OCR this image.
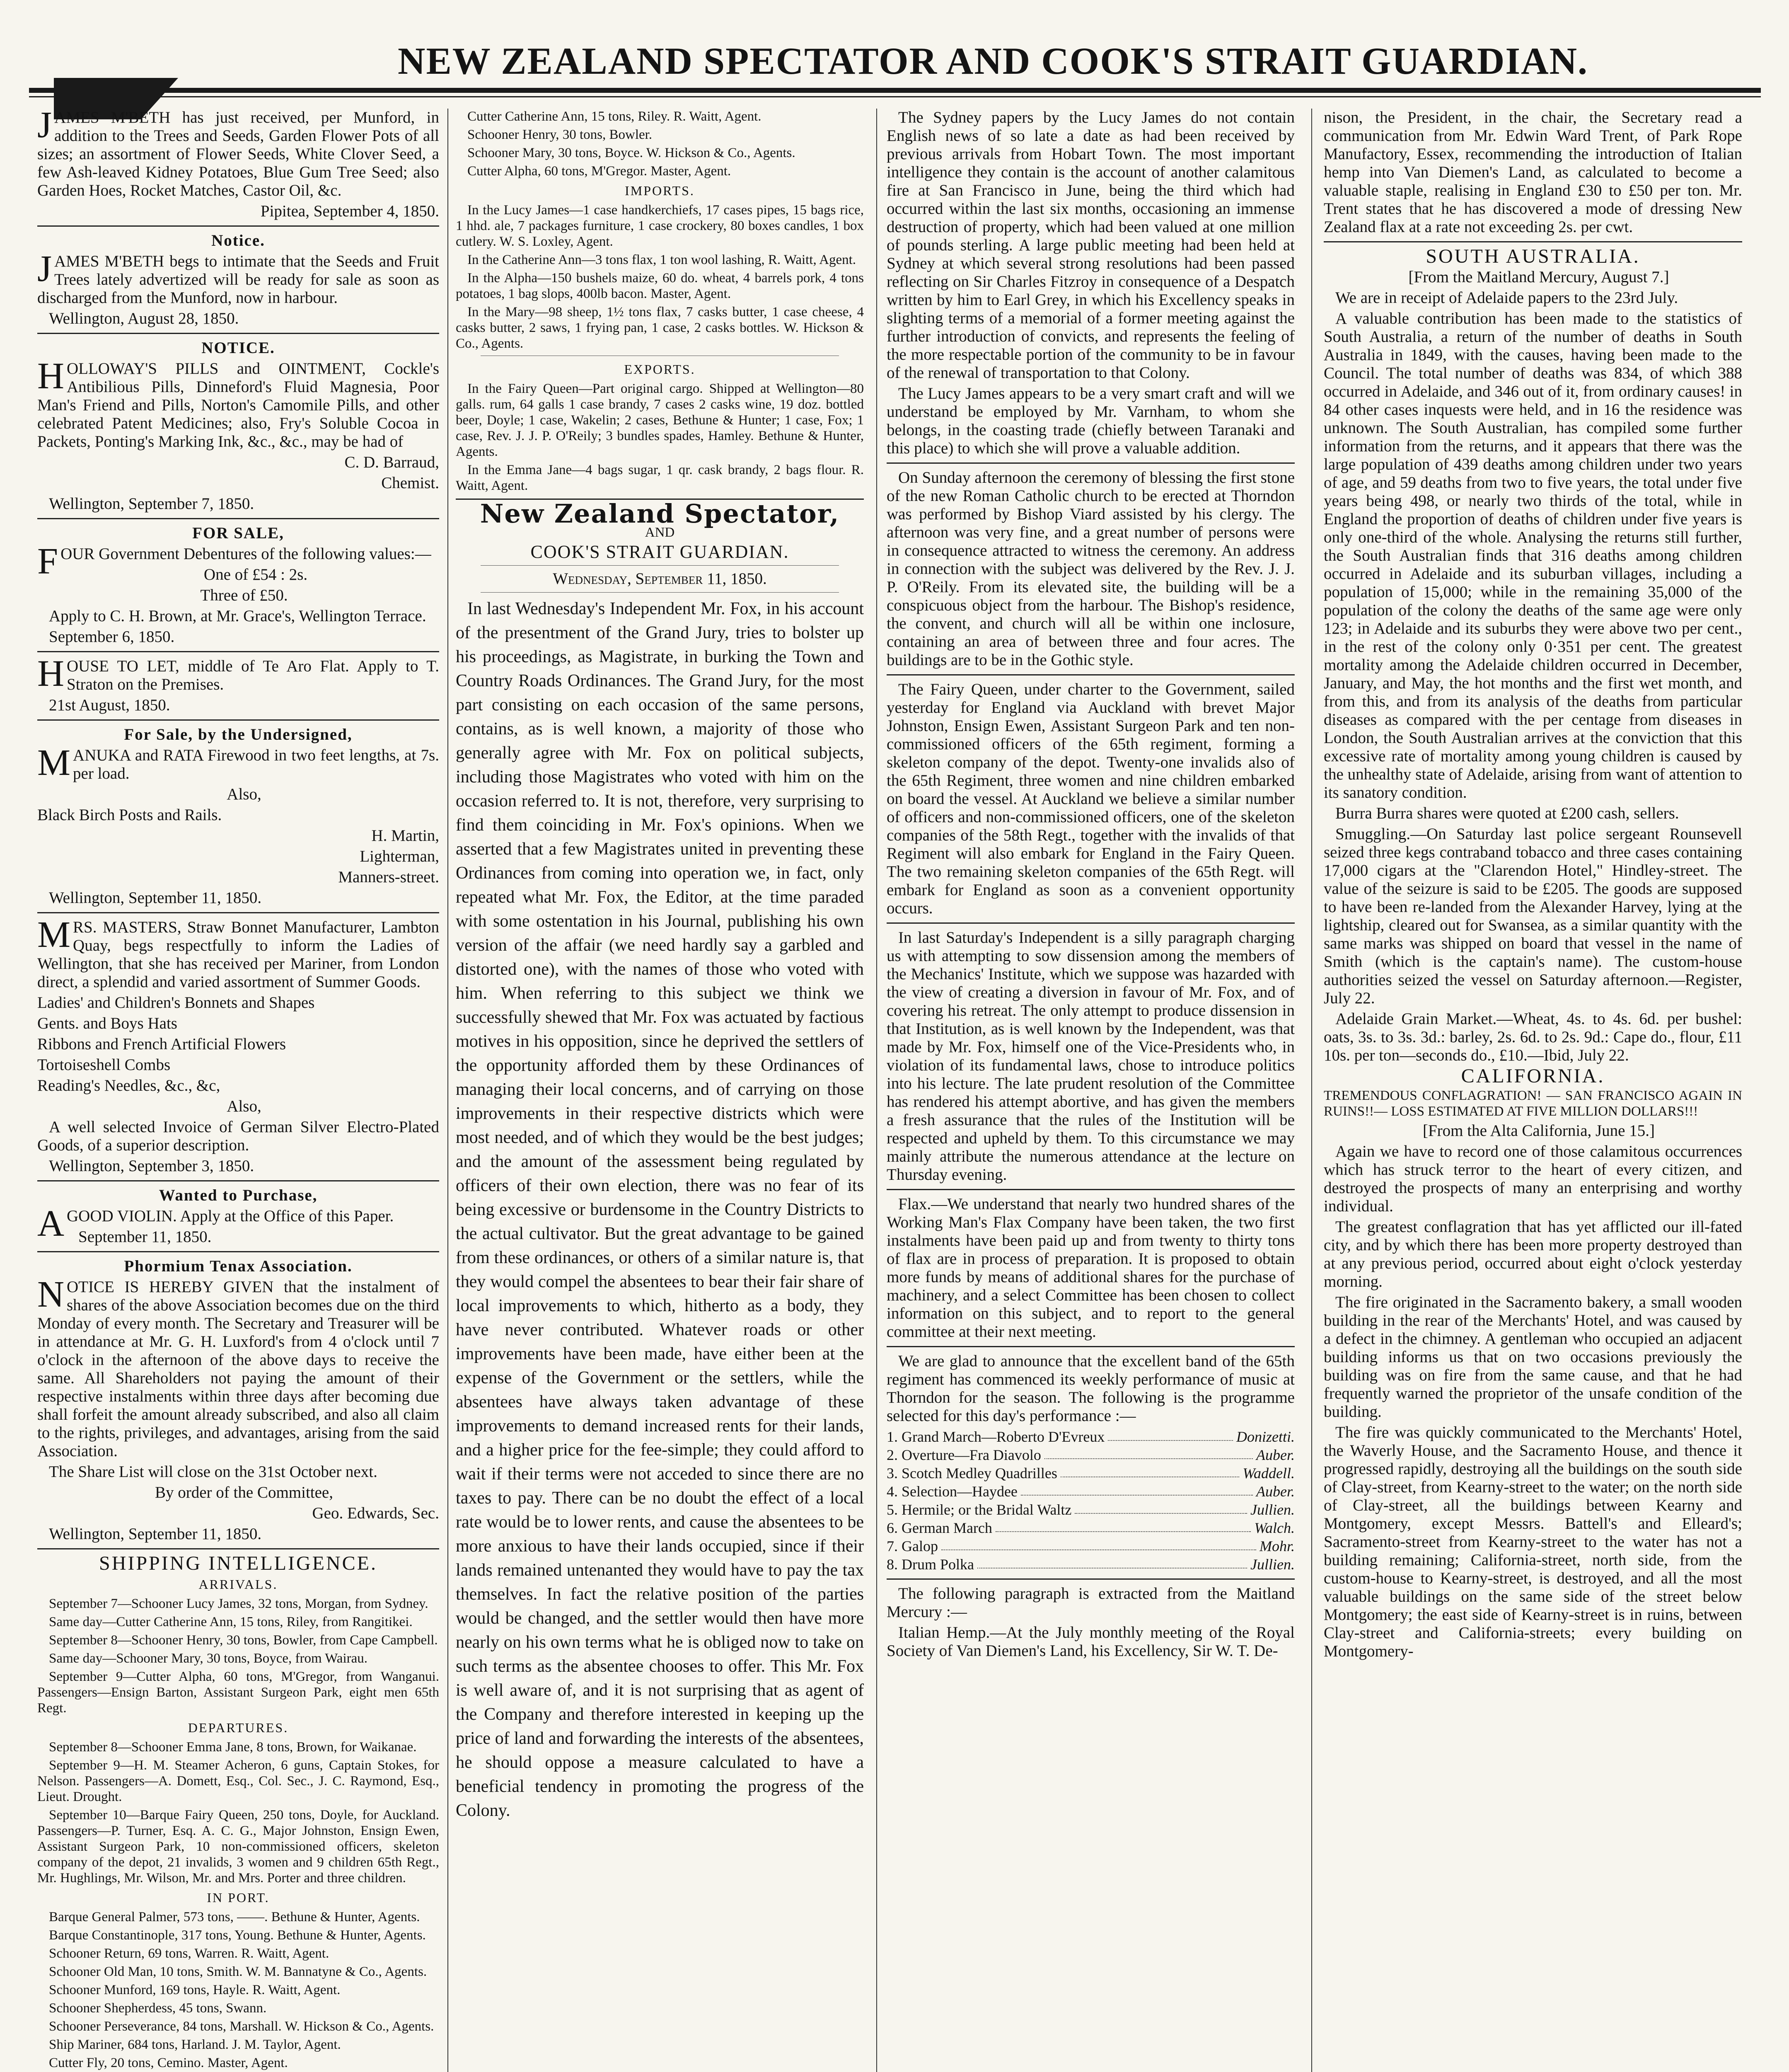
NEW ZEALAND SPECTATOR AND COOK'S STRAIT GUARDIAN.

JAMES M'BETH has just received, per Munford, in addition to the Trees and Seeds, Garden Flower Pots of all sizes; an assortment of Flower Seeds, White Clover Seed, a few Ash-leaved Kidney Potatoes, Blue Gum Tree Seed; also Garden Hoes, Rocket Matches, Castor Oil, &c.

Pipitea, September 4, 1850.

Notice.

JAMES M'BETH begs to intimate that the Seeds and Fruit Trees lately advertized will be ready for sale as soon as discharged from the Munford, now in harbour.

Wellington, August 28, 1850.

NOTICE.

HOLLOWAY'S PILLS and OINTMENT, Cockle's Antibilious Pills, Dinneford's Fluid Magnesia, Poor Man's Friend and Pills, Norton's Camomile Pills, and other celebrated Patent Medicines; also, Fry's Soluble Cocoa in Packets, Ponting's Marking Ink, &c., &c., may be had of

C. D. Barraud,

Chemist.

Wellington, September 7, 1850.

FOR SALE,

FOUR Government Debentures of the following values:—

One of £54 : 2s.

Three of £50.

Apply to C. H. Brown, at Mr. Grace's, Wellington Terrace.

September 6, 1850.

HOUSE TO LET, middle of Te Aro Flat. Apply to T. Straton on the Premises.

21st August, 1850.

For Sale, by the Undersigned,

MANUKA and RATA Firewood in two feet lengths, at 7s. per load.

Also,

Black Birch Posts and Rails.

H. Martin,

Lighterman,

Manners-street.

Wellington, September 11, 1850.

MRS. MASTERS, Straw Bonnet Manufacturer, Lambton Quay, begs respectfully to inform the Ladies of Wellington, that she has received per Mariner, from London direct, a splendid and varied assortment of Summer Goods.

Ladies' and Children's Bonnets and Shapes

Gents. and Boys Hats

Ribbons and French Artificial Flowers

Tortoiseshell Combs

Reading's Needles, &c., &c,

Also,

A well selected Invoice of German Silver Electro-Plated Goods, of a superior description.

Wellington, September 3, 1850.

Wanted to Purchase,

AGOOD VIOLIN. Apply at the Office of this Paper.

September 11, 1850.

Phormium Tenax Association.

NOTICE IS HEREBY GIVEN that the instalment of shares of the above Association becomes due on the third Monday of every month. The Secretary and Treasurer will be in attendance at Mr. G. H. Luxford's from 4 o'clock until 7 o'clock in the afternoon of the above days to receive the same. All Shareholders not paying the amount of their respective instalments within three days after becoming due shall forfeit the amount already subscribed, and also all claim to the rights, privileges, and advantages, arising from the said Association.

The Share List will close on the 31st October next.

By order of the Committee,

Geo. Edwards, Sec.

Wellington, September 11, 1850.

SHIPPING INTELLIGENCE.
ARRIVALS.

September 7—Schooner Lucy James, 32 tons, Morgan, from Sydney.

Same day—Cutter Catherine Ann, 15 tons, Riley, from Rangitikei.

September 8—Schooner Henry, 30 tons, Bowler, from Cape Campbell.

Same day—Schooner Mary, 30 tons, Boyce, from Wairau.

September 9—Cutter Alpha, 60 tons, M'Gregor, from Wanganui. Passengers—Ensign Barton, Assistant Surgeon Park, eight men 65th Regt.

DEPARTURES.

September 8—Schooner Emma Jane, 8 tons, Brown, for Waikanae.

September 9—H. M. Steamer Acheron, 6 guns, Captain Stokes, for Nelson. Passengers—A. Domett, Esq., Col. Sec., J. C. Raymond, Esq., Lieut. Drought.

September 10—Barque Fairy Queen, 250 tons, Doyle, for Auckland. Passengers—P. Turner, Esq. A. C. G., Major Johnston, Ensign Ewen, Assistant Surgeon Park, 10 non-commissioned officers, skeleton company of the depot, 21 invalids, 3 women and 9 children 65th Regt., Mr. Hughlings, Mr. Wilson, Mr. and Mrs. Porter and three children.

IN PORT.

Barque General Palmer, 573 tons, ——. Bethune & Hunter, Agents.

Barque Constantinople, 317 tons, Young. Bethune & Hunter, Agents.

Schooner Return, 69 tons, Warren. R. Waitt, Agent.

Schooner Old Man, 10 tons, Smith. W. M. Bannatyne & Co., Agents.

Schooner Munford, 169 tons, Hayle. R. Waitt, Agent.

Schooner Shepherdess, 45 tons, Swann.

Schooner Perseverance, 84 tons, Marshall. W. Hickson & Co., Agents.

Ship Mariner, 684 tons, Harland. J. M. Taylor, Agent.

Cutter Fly, 20 tons, Cemino. Master, Agent.

Cutter Catherine Ann, 15 tons, Riley. R. Waitt, Agent.

Schooner Henry, 30 tons, Bowler.

Schooner Mary, 30 tons, Boyce. W. Hickson & Co., Agents.

Cutter Alpha, 60 tons, M'Gregor. Master, Agent.

IMPORTS.

In the Lucy James—1 case handkerchiefs, 17 cases pipes, 15 bags rice, 1 hhd. ale, 7 packages furniture, 1 case crockery, 80 boxes candles, 1 box cutlery. W. S. Loxley, Agent.

In the Catherine Ann—3 tons flax, 1 ton wool lashing, R. Waitt, Agent.

In the Alpha—150 bushels maize, 60 do. wheat, 4 barrels pork, 4 tons potatoes, 1 bag slops, 400lb bacon. Master, Agent.

In the Mary—98 sheep, 1½ tons flax, 7 casks butter, 1 case cheese, 4 casks butter, 2 saws, 1 frying pan, 1 case, 2 casks bottles. W. Hickson & Co., Agents.

EXPORTS.

In the Fairy Queen—Part original cargo. Shipped at Wellington—80 galls. rum, 64 galls 1 case brandy, 7 cases 2 casks wine, 19 doz. bottled beer, Doyle; 1 case, Wakelin; 2 cases, Bethune & Hunter; 1 case, Fox; 1 case, Rev. J. J. P. O'Reily; 3 bundles spades, Hamley. Bethune & Hunter, Agents.

In the Emma Jane—4 bags sugar, 1 qr. cask brandy, 2 bags flour. R. Waitt, Agent.

New Zealand Spectator,
AND
COOK'S STRAIT GUARDIAN.
Wednesday, September 11, 1850.

In last Wednesday's Independent Mr. Fox, in his account of the presentment of the Grand Jury, tries to bolster up his proceedings, as Magistrate, in burking the Town and Country Roads Ordinances. The Grand Jury, for the most part consisting on each occasion of the same persons, contains, as is well known, a majority of those who generally agree with Mr. Fox on political subjects, including those Magistrates who voted with him on the occasion referred to. It is not, therefore, very surprising to find them coinciding in Mr. Fox's opinions. When we asserted that a few Magistrates united in preventing these Ordinances from coming into operation we, in fact, only repeated what Mr. Fox, the Editor, at the time paraded with some ostentation in his Journal, publishing his own version of the affair (we need hardly say a garbled and distorted one), with the names of those who voted with him. When referring to this subject we think we successfully shewed that Mr. Fox was actuated by factious motives in his opposition, since he deprived the settlers of the opportunity afforded them by these Ordinances of managing their local concerns, and of carrying on those improvements in their respective districts which were most needed, and of which they would be the best judges; and the amount of the assessment being regulated by officers of their own election, there was no fear of its being excessive or burdensome in the Country Districts to the actual cultivator. But the great advantage to be gained from these ordinances, or others of a similar nature is, that they would compel the absentees to bear their fair share of local improvements to which, hitherto as a body, they have never contributed. Whatever roads or other improvements have been made, have either been at the expense of the Government or the settlers, while the absentees have always taken advantage of these improvements to demand increased rents for their lands, and a higher price for the fee-simple; they could afford to wait if their terms were not acceded to since there are no taxes to pay. There can be no doubt the effect of a local rate would be to lower rents, and cause the absentees to be more anxious to have their lands occupied, since if their lands remained untenanted they would have to pay the tax themselves. In fact the relative position of the parties would be changed, and the settler would then have more nearly on his own terms what he is obliged now to take on such terms as the absentee chooses to offer. This Mr. Fox is well aware of, and it is not surprising that as agent of the Company and therefore interested in keeping up the price of land and forwarding the interests of the absentees, he should oppose a measure calculated to have a beneficial tendency in promoting the progress of the Colony.

The Sydney papers by the Lucy James do not contain English news of so late a date as had been received by previous arrivals from Hobart Town. The most important intelligence they contain is the account of another calamitous fire at San Francisco in June, being the third which had occurred within the last six months, occasioning an immense destruction of property, which had been valued at one million of pounds sterling. A large public meeting had been held at Sydney at which several strong resolutions had been passed reflecting on Sir Charles Fitzroy in consequence of a Despatch written by him to Earl Grey, in which his Excellency speaks in slighting terms of a memorial of a former meeting against the further introduction of convicts, and represents the feeling of the more respectable portion of the community to be in favour of the renewal of transportation to that Colony.

The Lucy James appears to be a very smart craft and will we understand be employed by Mr. Varnham, to whom she belongs, in the coasting trade (chiefly between Taranaki and this place) to which she will prove a valuable addition.

On Sunday afternoon the ceremony of blessing the first stone of the new Roman Catholic church to be erected at Thorndon was performed by Bishop Viard assisted by his clergy. The afternoon was very fine, and a great number of persons were in consequence attracted to witness the ceremony. An address in connection with the subject was delivered by the Rev. J. J. P. O'Reily. From its elevated site, the building will be a conspicuous object from the harbour. The Bishop's residence, the convent, and church will all be within one inclosure, containing an area of between three and four acres. The buildings are to be in the Gothic style.

The Fairy Queen, under charter to the Government, sailed yesterday for England via Auckland with brevet Major Johnston, Ensign Ewen, Assistant Surgeon Park and ten non-commissioned officers of the 65th regiment, forming a skeleton company of the depot. Twenty-one invalids also of the 65th Regiment, three women and nine children embarked on board the vessel. At Auckland we believe a similar number of officers and non-commissioned officers, one of the skeleton companies of the 58th Regt., together with the invalids of that Regiment will also embark for England in the Fairy Queen. The two remaining skeleton companies of the 65th Regt. will embark for England as soon as a convenient opportunity occurs.

In last Saturday's Independent is a silly paragraph charging us with attempting to sow dissension among the members of the Mechanics' Institute, which we suppose was hazarded with the view of creating a diversion in favour of Mr. Fox, and of covering his retreat. The only attempt to produce dissension in that Institution, as is well known by the Independent, was that made by Mr. Fox, himself one of the Vice-Presidents who, in violation of its fundamental laws, chose to introduce politics into his lecture. The late prudent resolution of the Committee has rendered his attempt abortive, and has given the members a fresh assurance that the rules of the Institution will be respected and upheld by them. To this circumstance we may mainly attribute the numerous attendance at the lecture on Thursday evening.

Flax.—We understand that nearly two hundred shares of the Working Man's Flax Company have been taken, the two first instalments have been paid up and from twenty to thirty tons of flax are in process of preparation. It is proposed to obtain more funds by means of additional shares for the purchase of machinery, and a select Committee has been chosen to collect information on this subject, and to report to the general committee at their next meeting.

We are glad to announce that the excellent band of the 65th regiment has commenced its weekly performance of music at Thorndon for the season. The following is the programme selected for this day's performance :—

1. Grand March—Roberto D'Evreux	Donizetti.
2. Overture—Fra Diavolo	Auber.
3. Scotch Medley Quadrilles	Waddell.
4. Selection—Haydee	Auber.
5. Hermile; or the Bridal Waltz	Jullien.
6. German March	Walch.
7. Galop	Mohr.
8. Drum Polka	Jullien.

The following paragraph is extracted from the Maitland Mercury :—

Italian Hemp.—At the July monthly meeting of the Royal Society of Van Diemen's Land, his Excellency, Sir W. T. De-

nison, the President, in the chair, the Secretary read a communication from Mr. Edwin Ward Trent, of Park Rope Manufactory, Essex, recommending the introduction of Italian hemp into Van Diemen's Land, as calculated to become a valuable staple, realising in England £30 to £50 per ton. Mr. Trent states that he has discovered a mode of dressing New Zealand flax at a rate not exceeding 2s. per cwt.

SOUTH AUSTRALIA.

[From the Maitland Mercury, August 7.]

We are in receipt of Adelaide papers to the 23rd July.

A valuable contribution has been made to the statistics of South Australia, a return of the number of deaths in South Australia in 1849, with the causes, having been made to the Council. The total number of deaths was 834, of which 388 occurred in Adelaide, and 346 out of it, from ordinary causes! in 84 other cases inquests were held, and in 16 the residence was unknown. The South Australian, has compiled some further information from the returns, and it appears that there was the large population of 439 deaths among children under two years of age, and 59 deaths from two to five years, the total under five years being 498, or nearly two thirds of the total, while in England the proportion of deaths of children under five years is only one-third of the whole. Analysing the returns still further, the South Australian finds that 316 deaths among children occurred in Adelaide and its suburban villages, including a population of 15,000; while in the remaining 35,000 of the population of the colony the deaths of the same age were only 123; in Adelaide and its suburbs they were above two per cent., in the rest of the colony only 0·351 per cent. The greatest mortality among the Adelaide children occurred in December, January, and May, the hot months and the first wet month, and from this, and from its analysis of the deaths from particular diseases as compared with the per centage from diseases in London, the South Australian arrives at the conviction that this excessive rate of mortality among young children is caused by the unhealthy state of Adelaide, arising from want of attention to its sanatory condition.

Burra Burra shares were quoted at £200 cash, sellers.

Smuggling.—On Saturday last police sergeant Rounsevell seized three kegs contraband tobacco and three cases containing 17,000 cigars at the "Clarendon Hotel," Hindley-street. The value of the seizure is said to be £205. The goods are supposed to have been re-landed from the Alexander Harvey, lying at the lightship, cleared out for Swansea, as a similar quantity with the same marks was shipped on board that vessel in the name of Smith (which is the captain's name). The custom-house authorities seized the vessel on Saturday afternoon.—Register, July 22.

Adelaide Grain Market.—Wheat, 4s. to 4s. 6d. per bushel: oats, 3s. to 3s. 3d.: barley, 2s. 6d. to 2s. 9d.: Cape do., flour, £11 10s. per ton—seconds do., £10.—Ibid, July 22.

CALIFORNIA.

TREMENDOUS CONFLAGRATION! — SAN FRANCISCO AGAIN IN RUINS!!— LOSS ESTIMATED AT FIVE MILLION DOLLARS!!!

[From the Alta California, June 15.]

Again we have to record one of those calamitous occurrences which has struck terror to the heart of every citizen, and destroyed the prospects of many an enterprising and worthy individual.

The greatest conflagration that has yet afflicted our ill-fated city, and by which there has been more property destroyed than at any previous period, occurred about eight o'clock yesterday morning.

The fire originated in the Sacramento bakery, a small wooden building in the rear of the Merchants' Hotel, and was caused by a defect in the chimney. A gentleman who occupied an adjacent building informs us that on two occasions previously the building was on fire from the same cause, and that he had frequently warned the proprietor of the unsafe condition of the building.

The fire was quickly communicated to the Merchants' Hotel, the Waverly House, and the Sacramento House, and thence it progressed rapidly, destroying all the buildings on the south side of Clay-street, from Kearny-street to the water; on the north side of Clay-street, all the buildings between Kearny and Montgomery, except Messrs. Battell's and Elleard's; Sacramento-street from Kearny-street to the water has not a building remaining; California-street, north side, from the custom-house to Kearny-street, is destroyed, and all the most valuable buildings on the same side of the street below Montgomery; the east side of Kearny-street is in ruins, between Clay-street and California-streets; every building on Montgomery-
